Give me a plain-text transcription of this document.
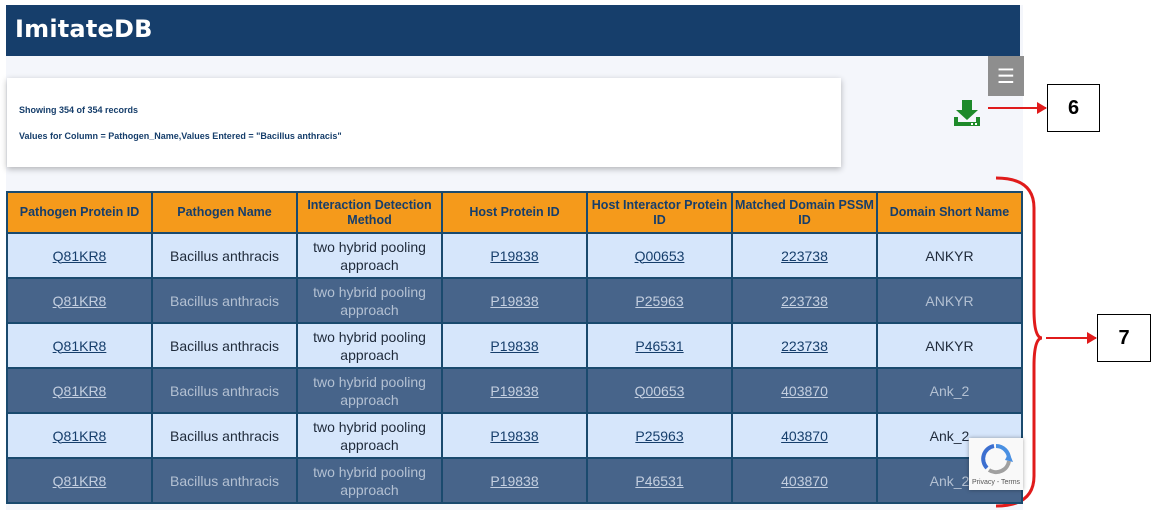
ImitateDB
☰
Showing 354 of 354 records
Values for Column = Pathogen_Name,Values Entered = "Bacillus anthracis"
6
7
Pathogen Protein ID	Pathogen Name	Interaction Detection Method	Host Protein ID	Host Interactor Protein ID	Matched Domain PSSM ID	Domain Short Name
Q81KR8	Bacillus anthracis	two hybrid pooling approach	P19838	Q00653	223738	ANKYR
Q81KR8	Bacillus anthracis	two hybrid pooling approach	P19838	P25963	223738	ANKYR
Q81KR8	Bacillus anthracis	two hybrid pooling approach	P19838	P46531	223738	ANKYR
Q81KR8	Bacillus anthracis	two hybrid pooling approach	P19838	Q00653	403870	Ank_2
Q81KR8	Bacillus anthracis	two hybrid pooling approach	P19838	P25963	403870	Ank_2
Q81KR8	Bacillus anthracis	two hybrid pooling approach	P19838	P46531	403870	Ank_2 Privacy - Terms
